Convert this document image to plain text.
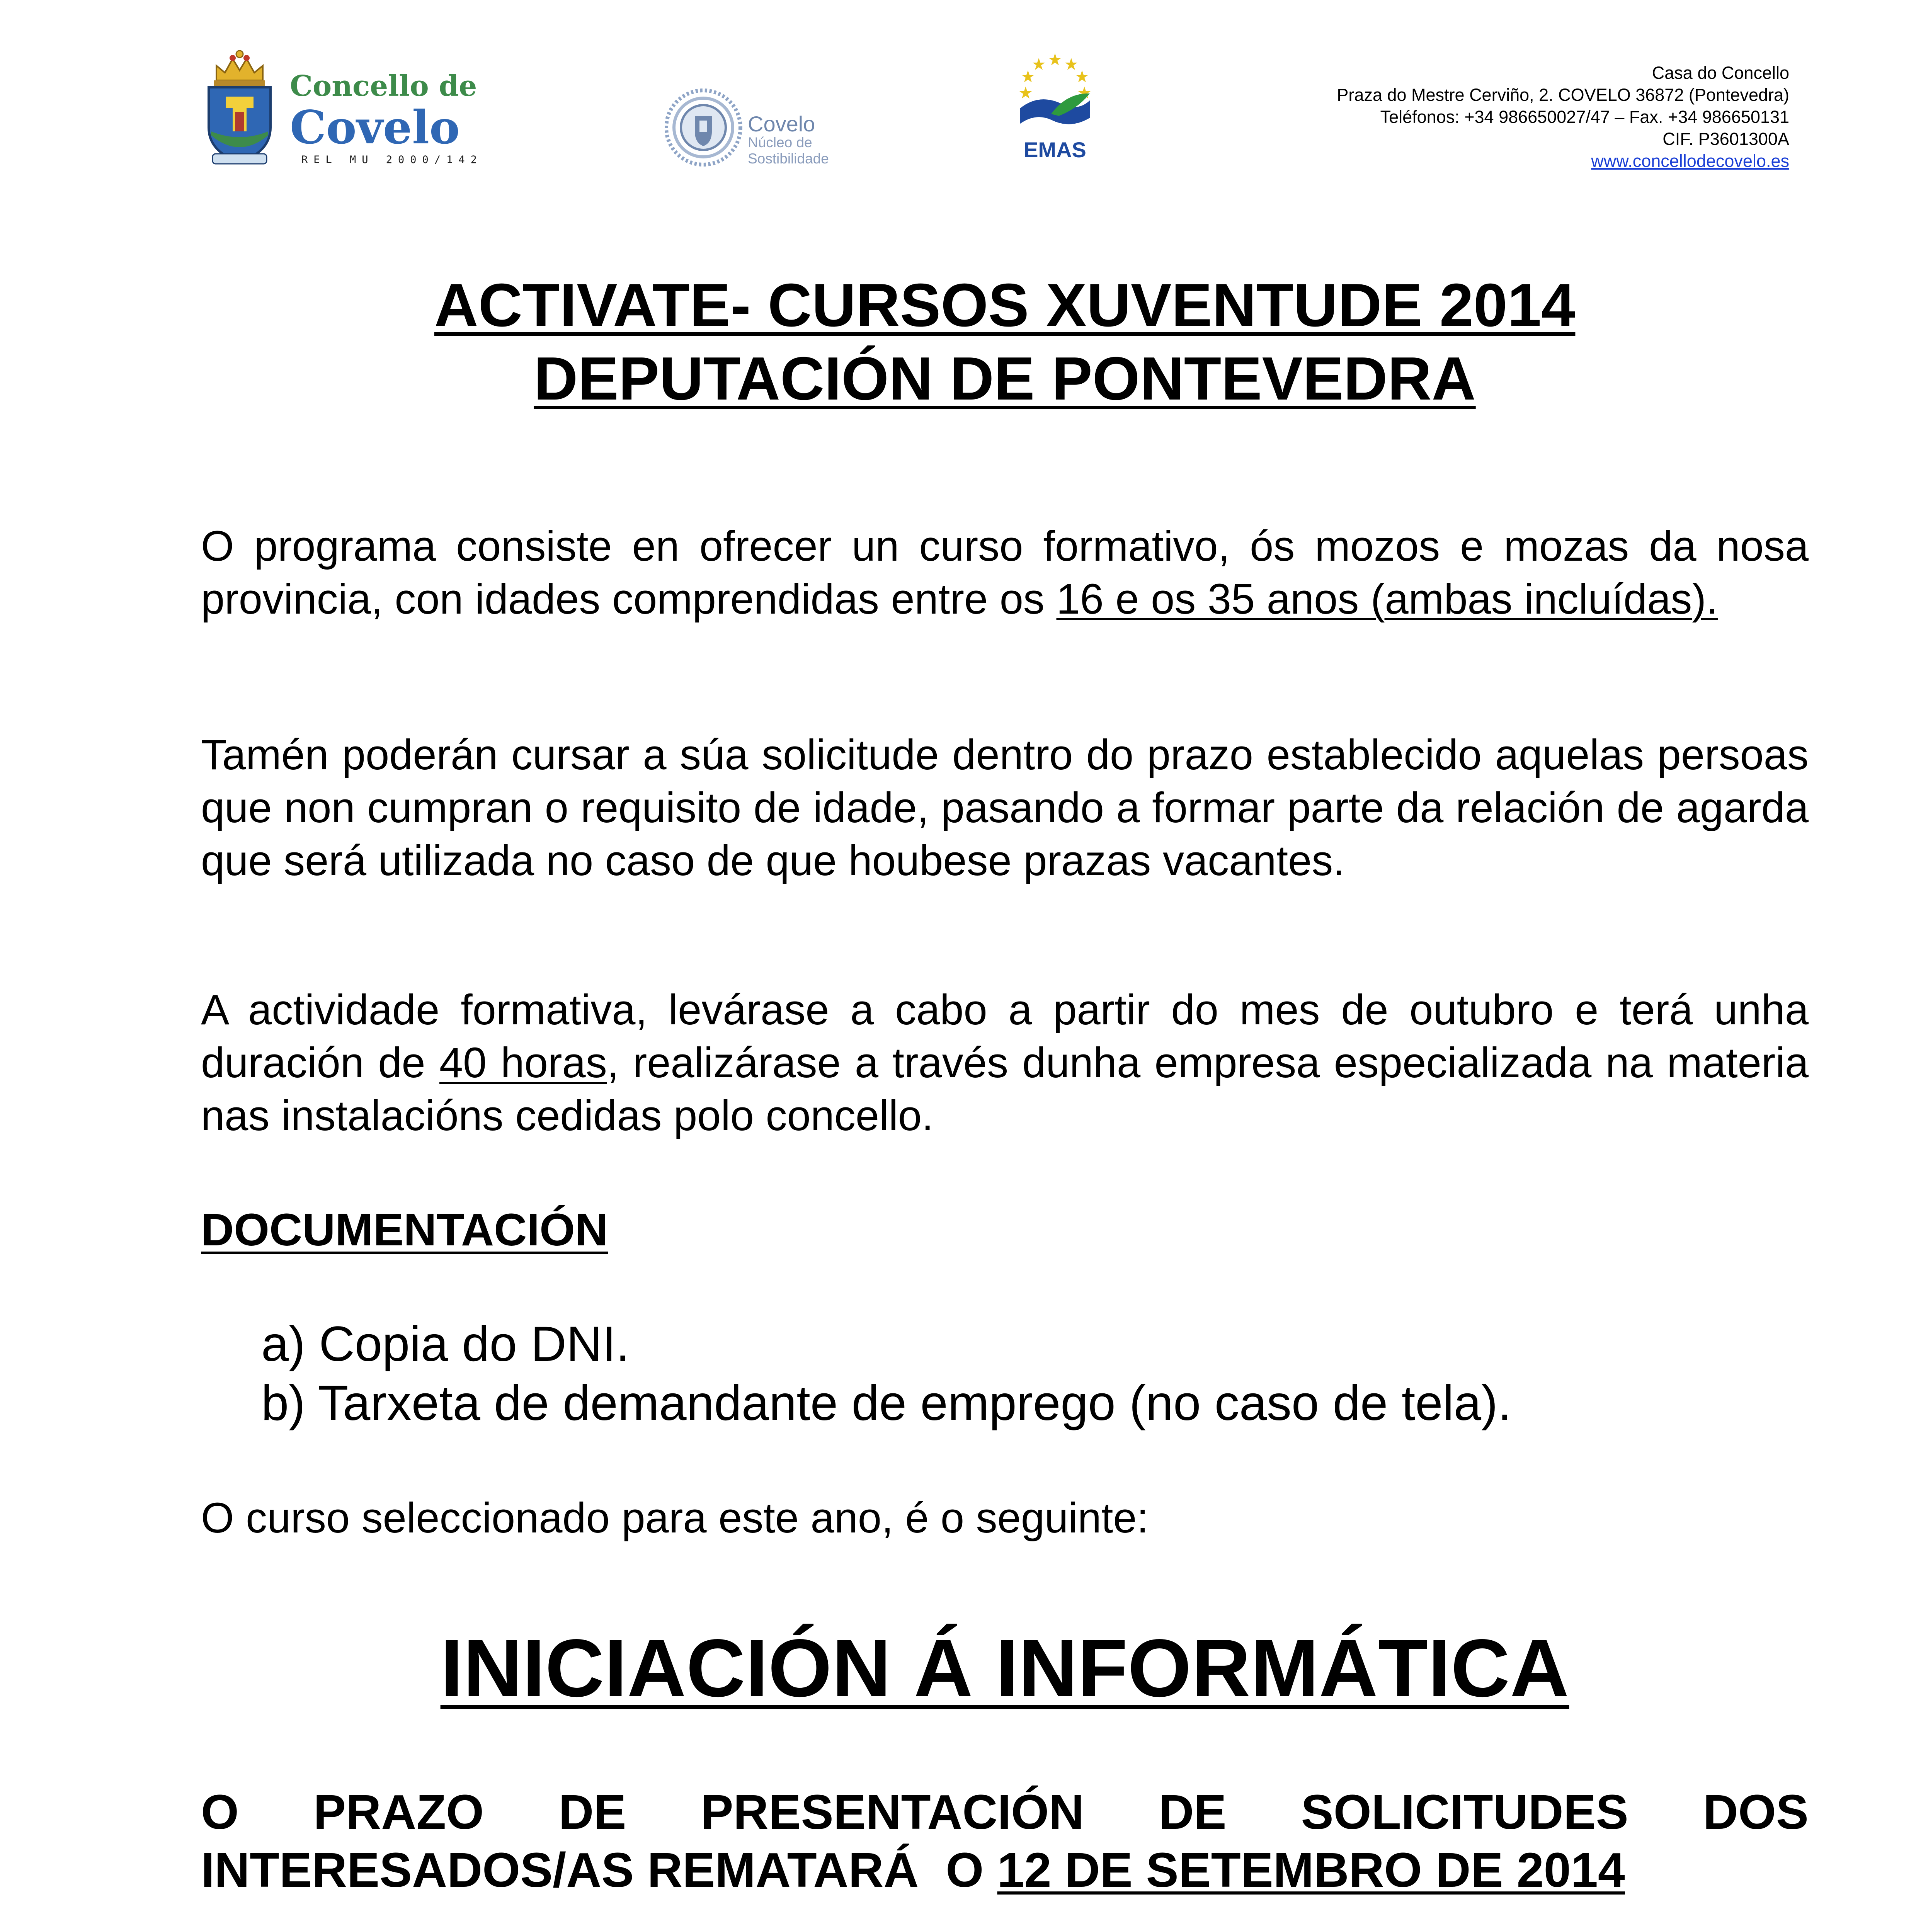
Concello de
Covelo
REL MU 2000/142
Covelo
Núcleo de
Sostibilidade	EMAS
Casa do Concello
Praza do Mestre Cerviño, 2. COVELO 36872 (Pontevedra)
Teléfonos: +34 986650027/47 – Fax. +34 986650131
CIF. P3601300A
www.concellodecovelo.es
ACTIVATE- CURSOS XUVENTUDE 2014
DEPUTACIÓN DE PONTEVEDRA
O programa consiste en ofrecer un curso formativo, ós mozos e mozas da nosa provincia, con idades comprendidas entre os 16 e os 35 anos (ambas incluídas).
Tamén poderán cursar a súa solicitude dentro do prazo establecido aquelas persoas que non cumpran o requisito de idade, pasando a formar parte da relación de agarda que será utilizada no caso de que houbese prazas vacantes.
A actividade formativa, levárase a cabo a partir do mes de outubro e terá unha duración de 40 horas, realizárase a través dunha empresa especializada na materia nas instalacións cedidas polo concello.
DOCUMENTACIÓN
a) Copia do DNI.
b) Tarxeta de demandante de emprego (no caso de tela).
O curso seleccionado para este ano, é o seguinte:
INICIACIÓN Á INFORMÁTICA
O PRAZO DE PRESENTACIÓN DE SOLICITUDES DOS
INTERESADOS/AS REMATARÁ  O 12 DE SETEMBRO DE 2014
